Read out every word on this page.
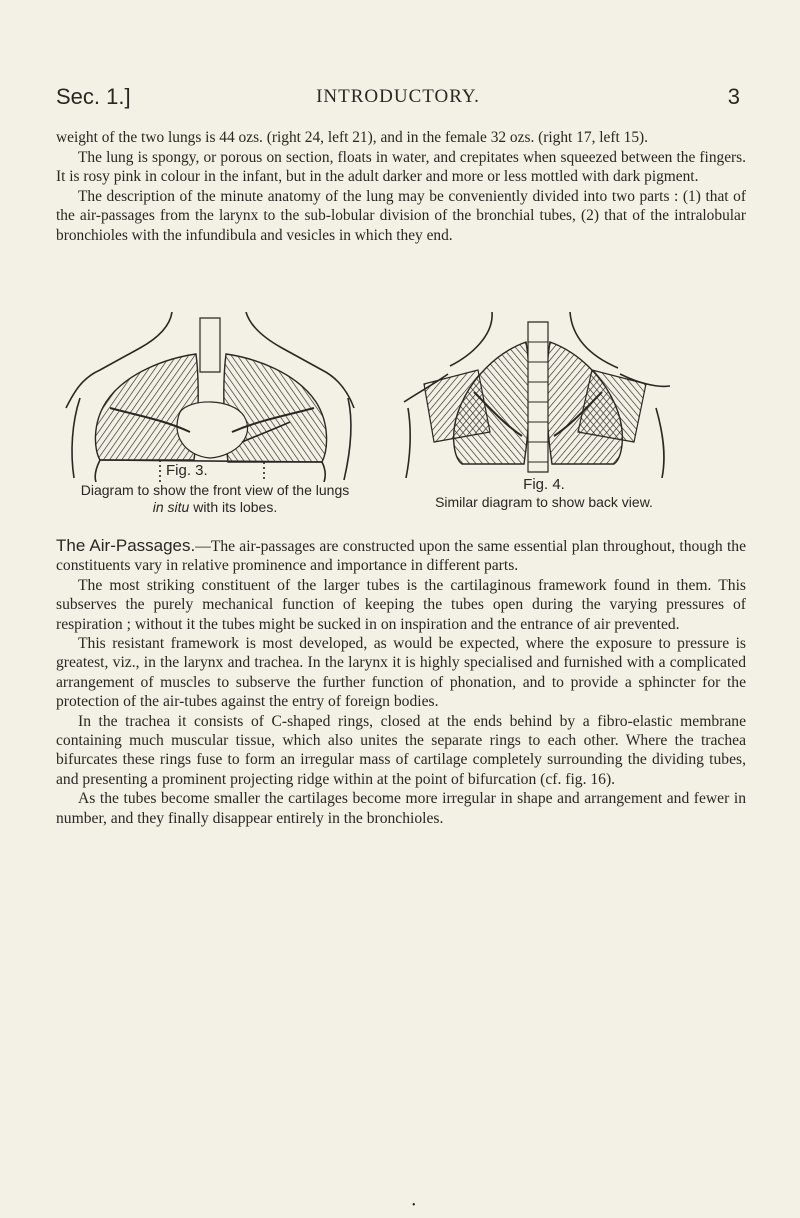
Sec. 1.]	INTRODUCTORY.	3

weight of the two lungs is 44 ozs. (right 24, left 21), and in the female 32 ozs. (right 17, left 15).

The lung is spongy, or porous on section, floats in water, and crepitates when squeezed between the fingers. It is rosy pink in colour in the infant, but in the adult darker and more or less mottled with dark pigment.

The description of the minute anatomy of the lung may be conveniently divided into two parts : (1) that of the air-passages from the larynx to the sub-lobular division of the bronchial tubes, (2) that of the intralobular bronchioles with the infundibula and vesicles in which they end.

Fig. 3.
Diagram to show the front view of the lungs
in situ with its lobes.
Fig. 4.
Similar diagram to show back view.

The Air-Passages.—The air-passages are constructed upon the same essential plan throughout, though the constituents vary in relative prominence and importance in different parts.

The most striking constituent of the larger tubes is the cartilaginous framework found in them. This subserves the purely mechanical function of keeping the tubes open during the varying pressures of respiration ; without it the tubes might be sucked in on inspiration and the entrance of air prevented.

This resistant framework is most developed, as would be expected, where the exposure to pressure is greatest, viz., in the larynx and trachea. In the larynx it is highly specialised and furnished with a complicated arrangement of muscles to subserve the further function of phonation, and to provide a sphincter for the protection of the air-tubes against the entry of foreign bodies.

In the trachea it consists of C-shaped rings, closed at the ends behind by a fibro-elastic membrane containing much muscular tissue, which also unites the separate rings to each other. Where the trachea bifurcates these rings fuse to form an irregular mass of cartilage completely surrounding the dividing tubes, and presenting a prominent projecting ridge within at the point of bifurcation (cf. fig. 16).

As the tubes become smaller the cartilages become more irregular in shape and arrangement and fewer in number, and they finally disappear entirely in the bronchioles.

•
